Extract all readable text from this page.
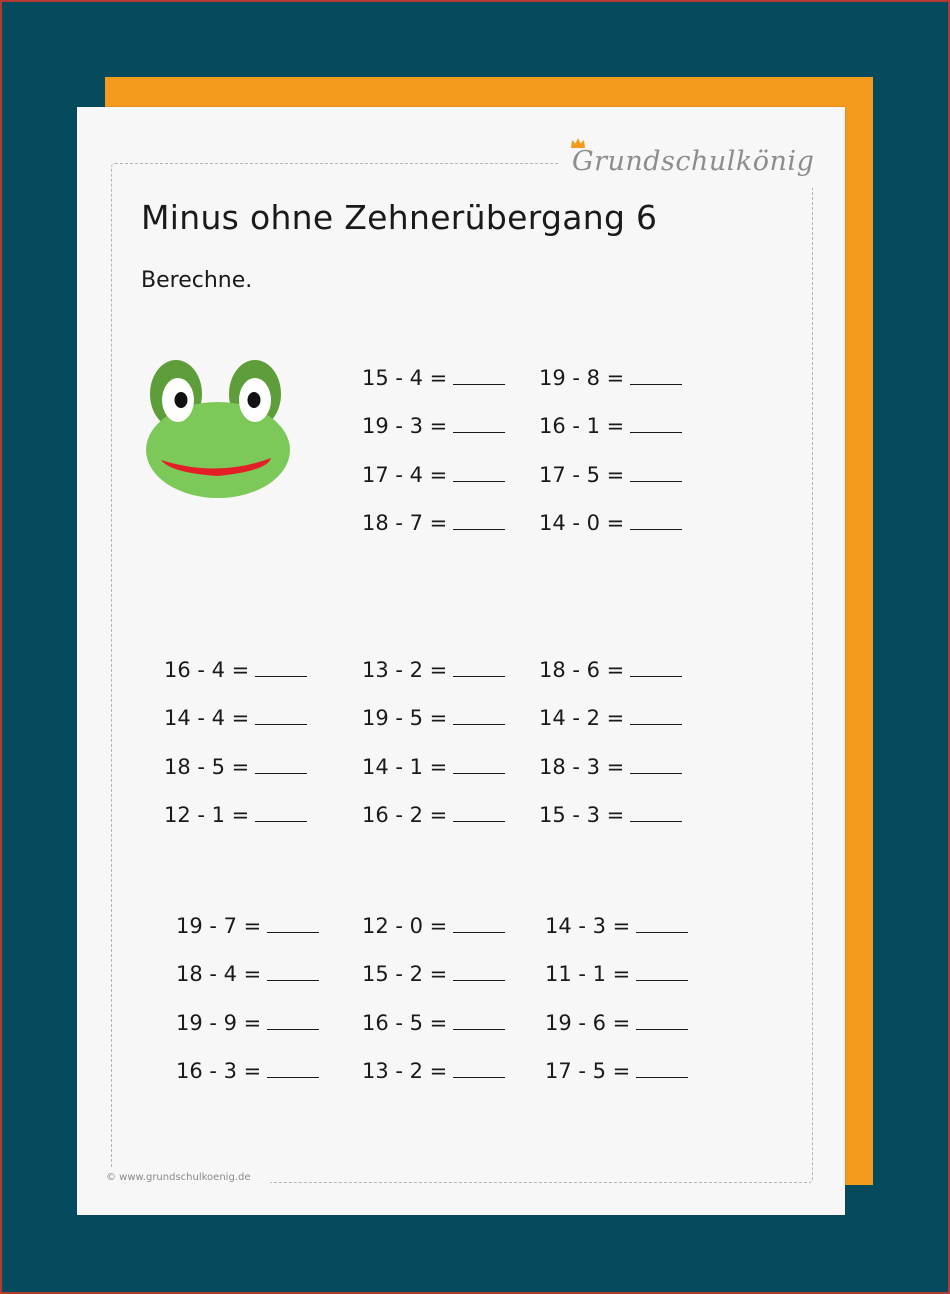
Grundschulkönig
Minus ohne Zehnerübergang 6
Berechne.
15 - 4 =
19 - 3 =
17 - 4 =
18 - 7 =
19 - 8 =
16 - 1 =
17 - 5 =
14 - 0 =
16 - 4 =
14 - 4 =
18 - 5 =
12 - 1 =
13 - 2 =
19 - 5 =
14 - 1 =
16 - 2 =
18 - 6 =
14 - 2 =
18 - 3 =
15 - 3 =
19 - 7 =
18 - 4 =
19 - 9 =
16 - 3 =
12 - 0 =
15 - 2 =
16 - 5 =
13 - 2 =
14 - 3 =
11 - 1 =
19 - 6 =
17 - 5 =
© www.grundschulkoenig.de
